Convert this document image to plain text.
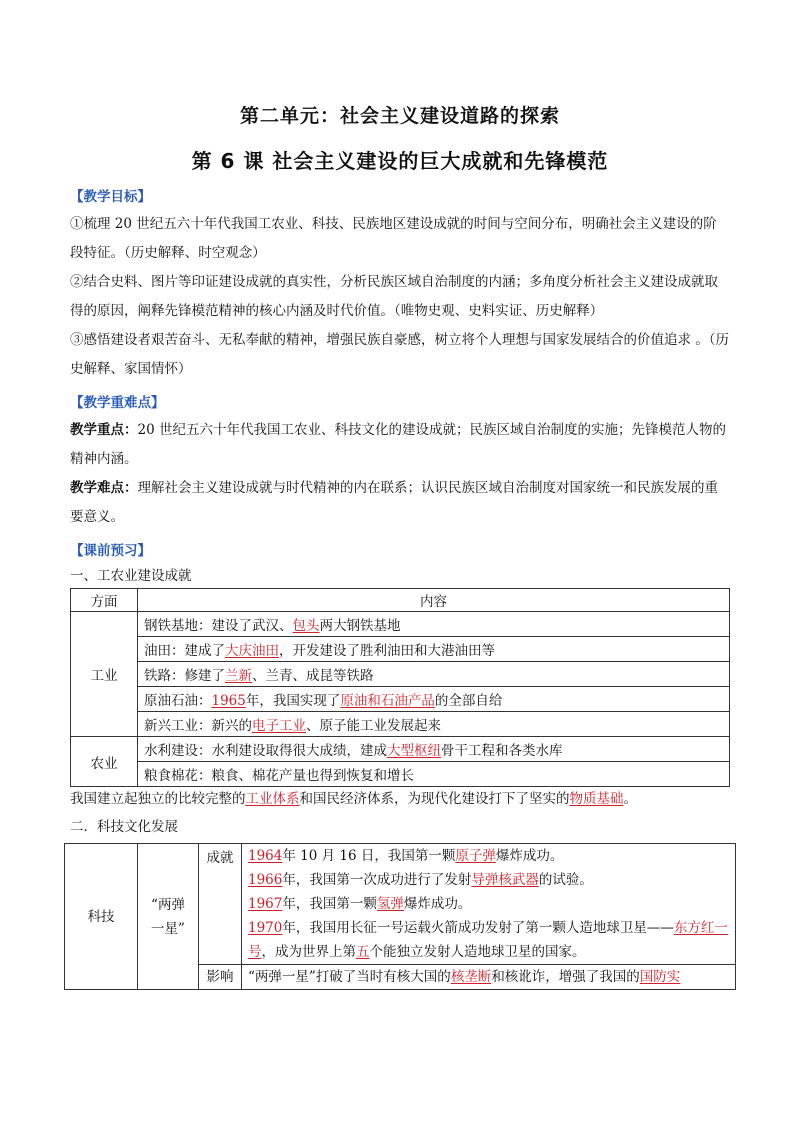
第二单元：社会主义建设道路的探索
第 6 课 社会主义建设的巨大成就和先锋模范
【教学目标】
①梳理 20 世纪五六十年代我国工农业、科技、民族地区建设成就的时间与空间分布，明确社会主义建设的阶段特征。（历史解释、时空观念）
②结合史料、图片等印证建设成就的真实性，分析民族区域自治制度的内涵；多角度分析社会主义建设成就取得的原因，阐释先锋模范精神的核心内涵及时代价值。（唯物史观、史料实证、历史解释）
③感悟建设者艰苦奋斗、无私奉献的精神，增强民族自豪感，树立将个人理想与国家发展结合的价值追求 。（历史解释、家国情怀）
【教学重难点】
教学重点：20 世纪五六十年代我国工农业、科技文化的建设成就；民族区域自治制度的实施；先锋模范人物的精神内涵。
教学难点：理解社会主义建设成就与时代精神的内在联系；认识民族区域自治制度对国家统一和民族发展的重要意义。
【课前预习】
一、工农业建设成就
方面	内容
工业	钢铁基地：建设了武汉、包头两大钢铁基地
	油田：建成了大庆油田，开发建设了胜利油田和大港油田等
	铁路：修建了兰新、兰青、成昆等铁路
	原油石油：1965年，我国实现了原油和石油产品的全部自给
	新兴工业：新兴的电子工业、原子能工业发展起来
农业	水利建设：水利建设取得很大成绩，建成大型枢纽骨干工程和各类水库
	粮食棉花：粮食、棉花产量也得到恢复和增长
我国建立起独立的比较完整的工业体系和国民经济体系，为现代化建设打下了坚实的物质基础。
二．科技文化发展
科技	“两弹一星”	成就	1964年 10 月 16 日，我国第一颗原子弹爆炸成功。
1966年，我国第一次成功进行了发射导弹核武器的试验。
1967年，我国第一颗氢弹爆炸成功。
1970年，我国用长征一号运载火箭成功发射了第一颗人造地球卫星——东方红一号，成为世界上第五个能独立发射人造地球卫星的国家。

		影响	“两弹一星”打破了当时有核大国的核垄断和核讹诈，增强了我国的国防实
